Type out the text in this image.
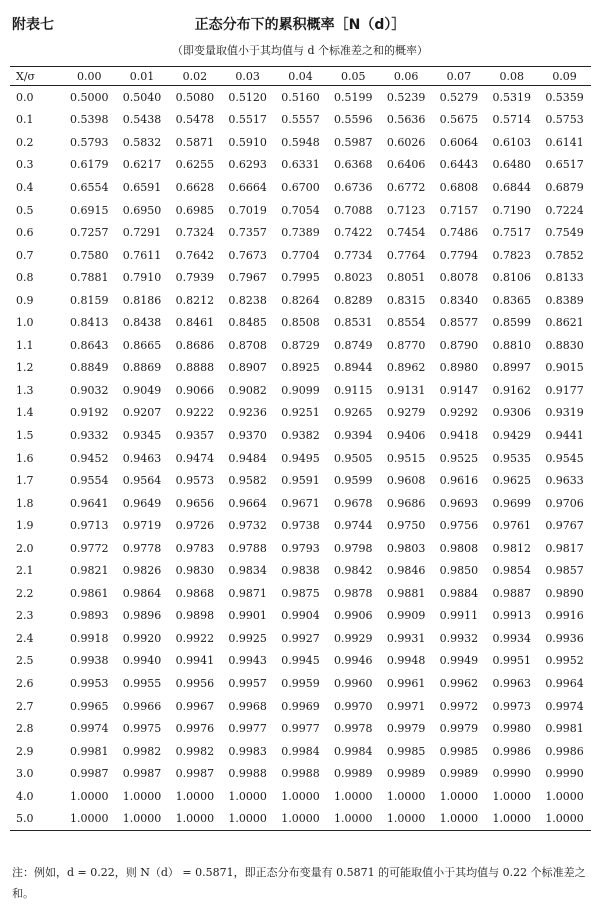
附表七	正态分布下的累积概率［N（d）］
（即变量取值小于其均值与 d 个标准差之和的概率）
X/σ	0.00	0.01	0.02	0.03	0.04	0.05	0.06	0.07	0.08	0.09
0.0	0.5000	0.5040	0.5080	0.5120	0.5160	0.5199	0.5239	0.5279	0.5319	0.5359
0.1	0.5398	0.5438	0.5478	0.5517	0.5557	0.5596	0.5636	0.5675	0.5714	0.5753
0.2	0.5793	0.5832	0.5871	0.5910	0.5948	0.5987	0.6026	0.6064	0.6103	0.6141
0.3	0.6179	0.6217	0.6255	0.6293	0.6331	0.6368	0.6406	0.6443	0.6480	0.6517
0.4	0.6554	0.6591	0.6628	0.6664	0.6700	0.6736	0.6772	0.6808	0.6844	0.6879
0.5	0.6915	0.6950	0.6985	0.7019	0.7054	0.7088	0.7123	0.7157	0.7190	0.7224
0.6	0.7257	0.7291	0.7324	0.7357	0.7389	0.7422	0.7454	0.7486	0.7517	0.7549
0.7	0.7580	0.7611	0.7642	0.7673	0.7704	0.7734	0.7764	0.7794	0.7823	0.7852
0.8	0.7881	0.7910	0.7939	0.7967	0.7995	0.8023	0.8051	0.8078	0.8106	0.8133
0.9	0.8159	0.8186	0.8212	0.8238	0.8264	0.8289	0.8315	0.8340	0.8365	0.8389
1.0	0.8413	0.8438	0.8461	0.8485	0.8508	0.8531	0.8554	0.8577	0.8599	0.8621
1.1	0.8643	0.8665	0.8686	0.8708	0.8729	0.8749	0.8770	0.8790	0.8810	0.8830
1.2	0.8849	0.8869	0.8888	0.8907	0.8925	0.8944	0.8962	0.8980	0.8997	0.9015
1.3	0.9032	0.9049	0.9066	0.9082	0.9099	0.9115	0.9131	0.9147	0.9162	0.9177
1.4	0.9192	0.9207	0.9222	0.9236	0.9251	0.9265	0.9279	0.9292	0.9306	0.9319
1.5	0.9332	0.9345	0.9357	0.9370	0.9382	0.9394	0.9406	0.9418	0.9429	0.9441
1.6	0.9452	0.9463	0.9474	0.9484	0.9495	0.9505	0.9515	0.9525	0.9535	0.9545
1.7	0.9554	0.9564	0.9573	0.9582	0.9591	0.9599	0.9608	0.9616	0.9625	0.9633
1.8	0.9641	0.9649	0.9656	0.9664	0.9671	0.9678	0.9686	0.9693	0.9699	0.9706
1.9	0.9713	0.9719	0.9726	0.9732	0.9738	0.9744	0.9750	0.9756	0.9761	0.9767
2.0	0.9772	0.9778	0.9783	0.9788	0.9793	0.9798	0.9803	0.9808	0.9812	0.9817
2.1	0.9821	0.9826	0.9830	0.9834	0.9838	0.9842	0.9846	0.9850	0.9854	0.9857
2.2	0.9861	0.9864	0.9868	0.9871	0.9875	0.9878	0.9881	0.9884	0.9887	0.9890
2.3	0.9893	0.9896	0.9898	0.9901	0.9904	0.9906	0.9909	0.9911	0.9913	0.9916
2.4	0.9918	0.9920	0.9922	0.9925	0.9927	0.9929	0.9931	0.9932	0.9934	0.9936
2.5	0.9938	0.9940	0.9941	0.9943	0.9945	0.9946	0.9948	0.9949	0.9951	0.9952
2.6	0.9953	0.9955	0.9956	0.9957	0.9959	0.9960	0.9961	0.9962	0.9963	0.9964
2.7	0.9965	0.9966	0.9967	0.9968	0.9969	0.9970	0.9971	0.9972	0.9973	0.9974
2.8	0.9974	0.9975	0.9976	0.9977	0.9977	0.9978	0.9979	0.9979	0.9980	0.9981
2.9	0.9981	0.9982	0.9982	0.9983	0.9984	0.9984	0.9985	0.9985	0.9986	0.9986
3.0	0.9987	0.9987	0.9987	0.9988	0.9988	0.9989	0.9989	0.9989	0.9990	0.9990
4.0	1.0000	1.0000	1.0000	1.0000	1.0000	1.0000	1.0000	1.0000	1.0000	1.0000
5.0	1.0000	1.0000	1.0000	1.0000	1.0000	1.0000	1.0000	1.0000	1.0000	1.0000
注：例如，d = 0.22，则 N（d） = 0.5871，即正态分布变量有 0.5871 的可能取值小于其均值与 0.22 个标准差之和。
